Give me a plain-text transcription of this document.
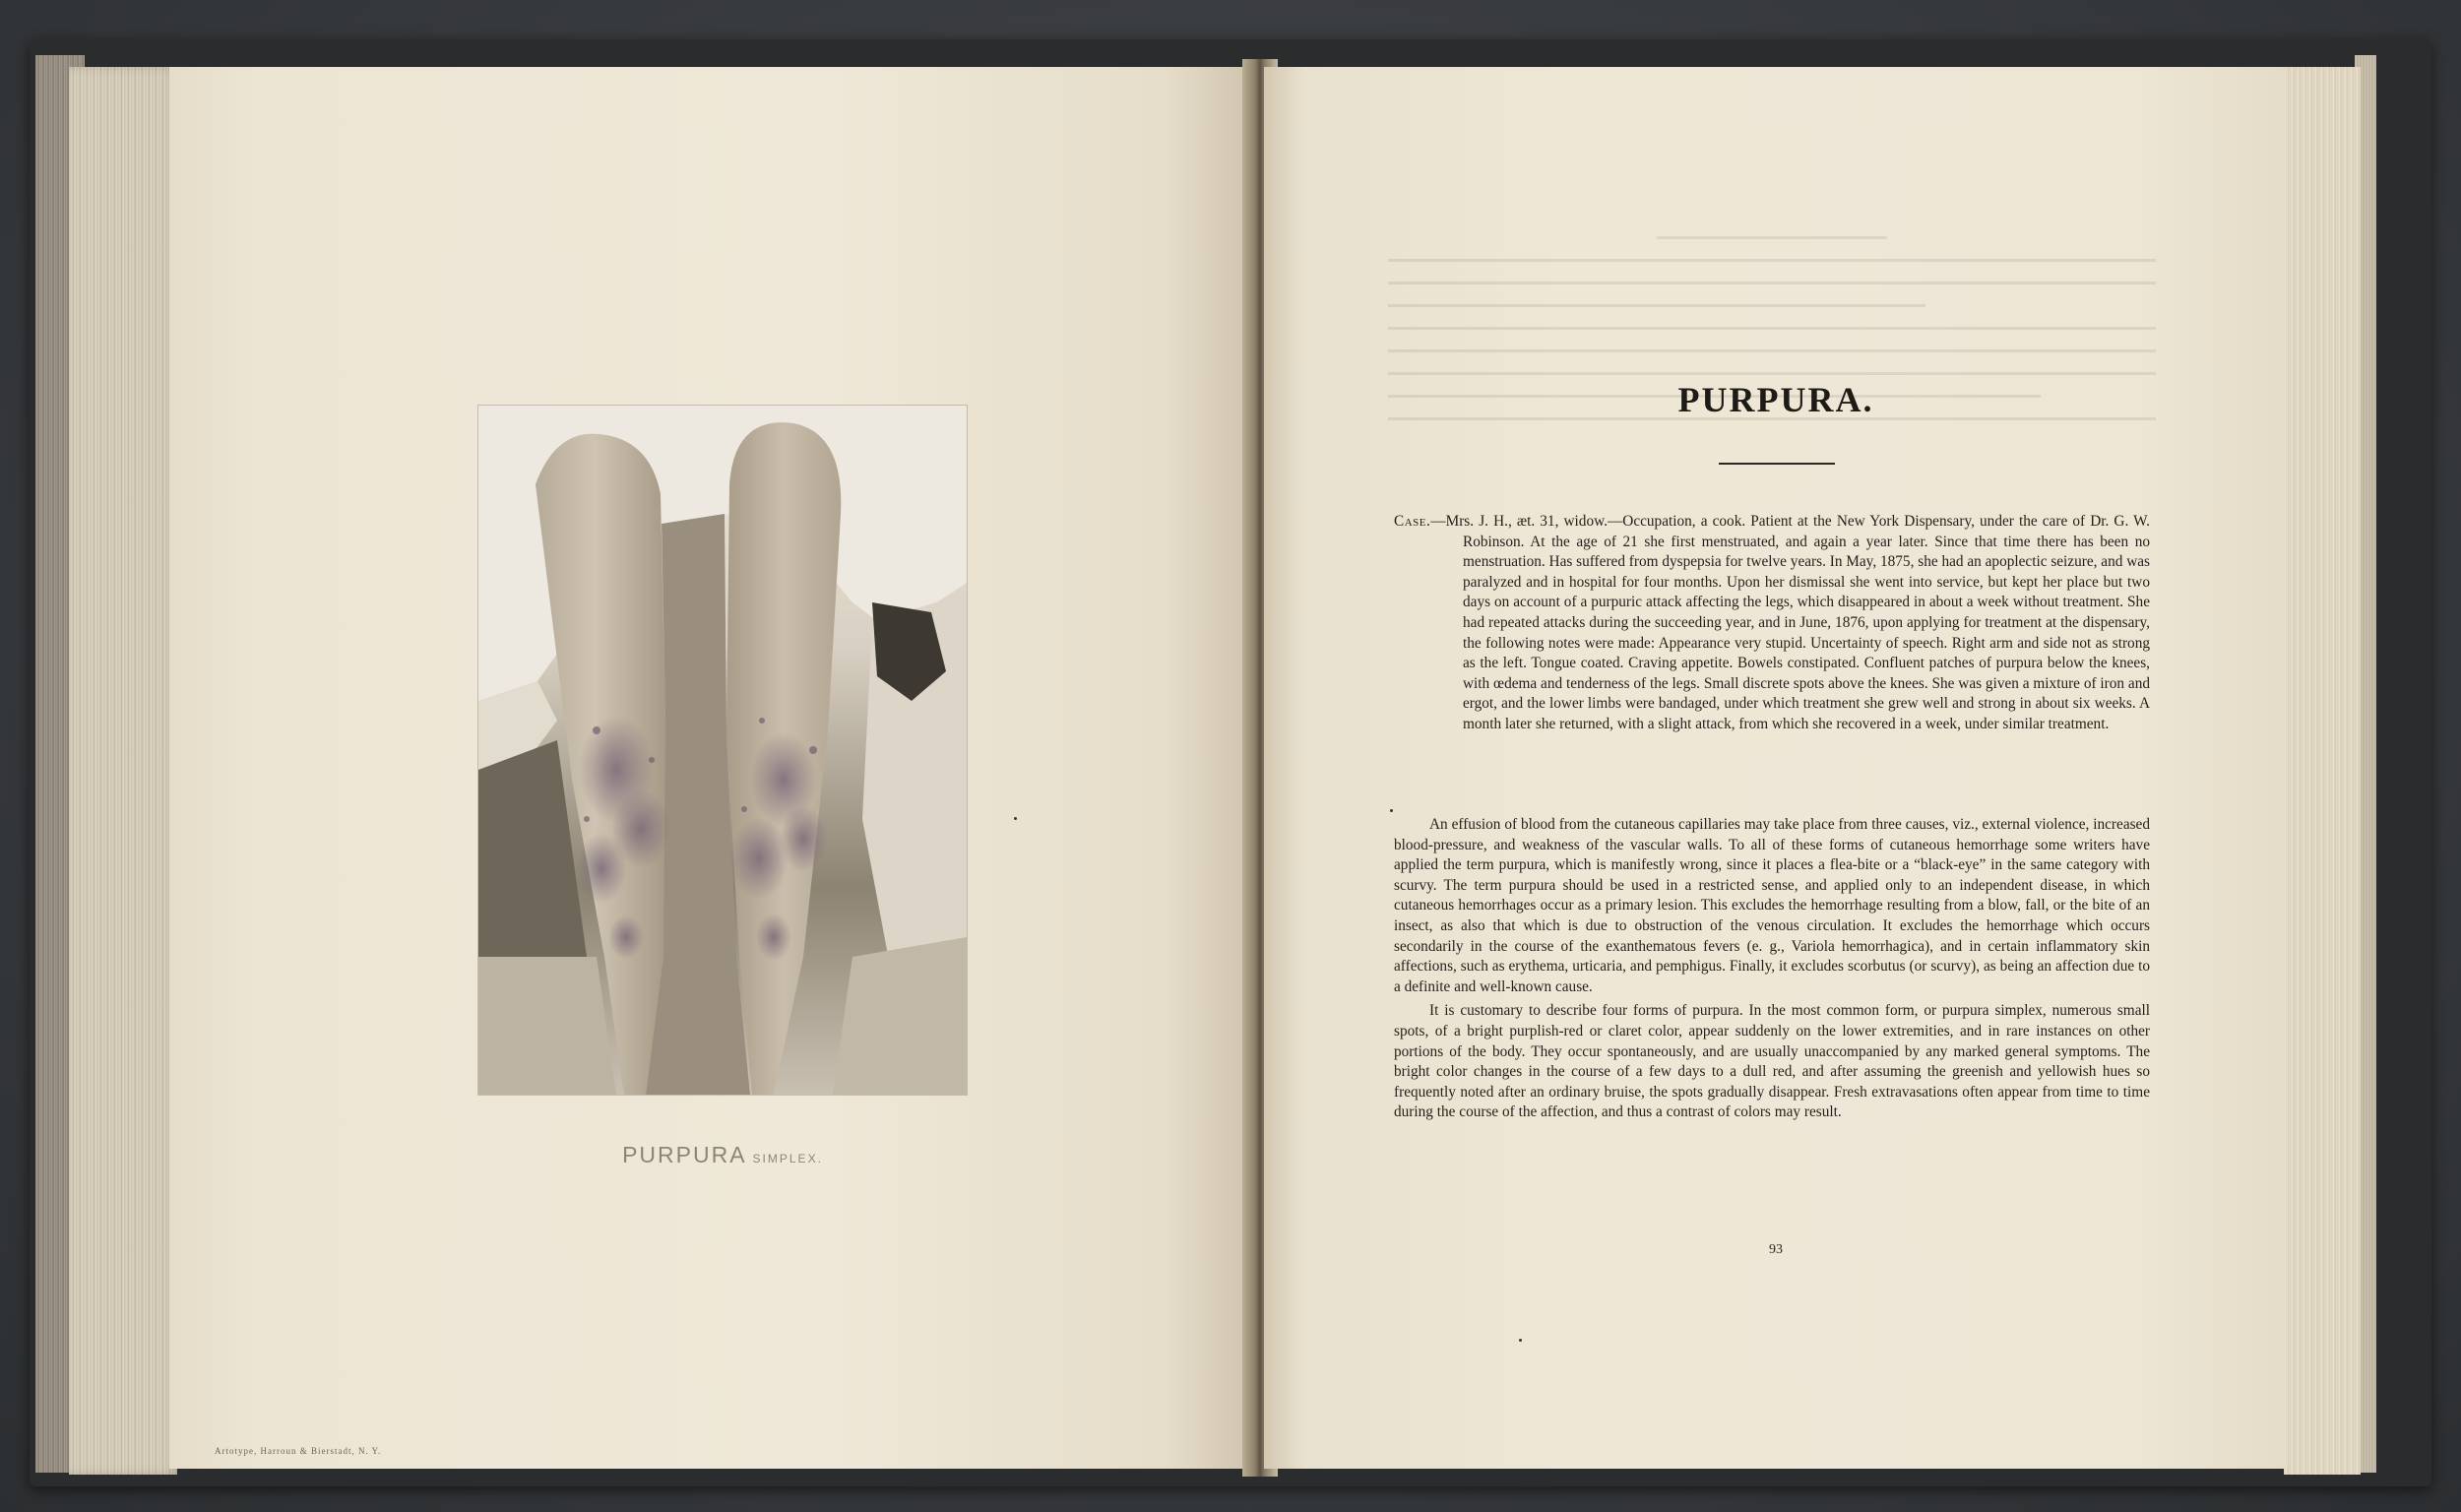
PURPURA SIMPLEX.
Artotype, Harroun & Bierstadt, N. Y.
PURPURA.

Case.—Mrs. J. H., æt. 31, widow.—Occupation, a cook. Patient at the New York Dispensary, under the care of Dr. G. W. Robinson. At the age of 21 she first menstruated, and again a year later. Since that time there has been no menstruation. Has suffered from dyspepsia for twelve years. In May, 1875, she had an apoplectic seizure, and was paralyzed and in hospital for four months. Upon her dismissal she went into service, but kept her place but two days on account of a purpuric attack affecting the legs, which disappeared in about a week without treatment. She had repeated attacks during the succeeding year, and in June, 1876, upon applying for treatment at the dispensary, the following notes were made: Appearance very stupid. Uncertainty of speech. Right arm and side not as strong as the left. Tongue coated. Craving appetite. Bowels constipated. Confluent patches of purpura below the knees, with œdema and tenderness of the legs. Small discrete spots above the knees. She was given a mixture of iron and ergot, and the lower limbs were bandaged, under which treatment she grew well and strong in about six weeks. A month later she returned, with a slight attack, from which she recovered in a week, under similar treatment.

An effusion of blood from the cutaneous capillaries may take place from three causes, viz., external violence, increased blood-pressure, and weakness of the vascular walls. To all of these forms of cutaneous hemorrhage some writers have applied the term purpura, which is manifestly wrong, since it places a flea-bite or a “black-eye” in the same category with scurvy. The term purpura should be used in a restricted sense, and applied only to an independent disease, in which cutaneous hemorrhages occur as a primary lesion. This excludes the hemorrhage resulting from a blow, fall, or the bite of an insect, as also that which is due to obstruction of the venous circulation. It excludes the hemorrhage which occurs secondarily in the course of the exanthematous fevers (e. g., Variola hemorrhagica), and in certain inflammatory skin affections, such as erythema, urticaria, and pemphigus. Finally, it excludes scorbutus (or scurvy), as being an affection due to a definite and well-known cause.

It is customary to describe four forms of purpura. In the most common form, or purpura simplex, numerous small spots, of a bright purplish-red or claret color, appear suddenly on the lower extremities, and in rare instances on other portions of the body. They occur spontaneously, and are usually unaccompanied by any marked general symptoms. The bright color changes in the course of a few days to a dull red, and after assuming the greenish and yellowish hues so frequently noted after an ordinary bruise, the spots gradually disappear. Fresh extravasations often appear from time to time during the course of the affection, and thus a contrast of colors may result.

93
